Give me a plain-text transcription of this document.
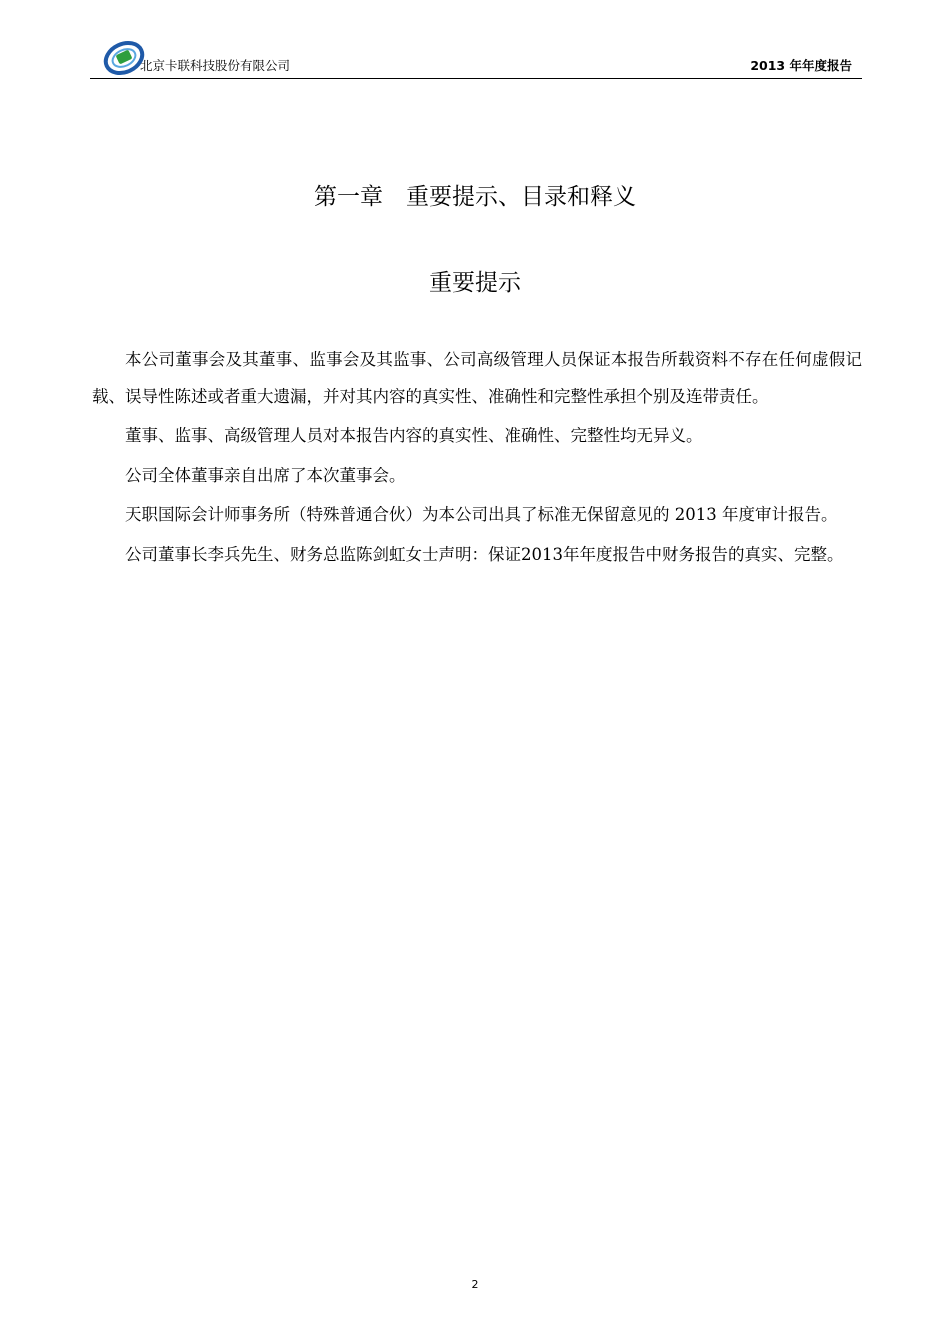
北京卡联科技股份有限公司	2013 年年度报告
第一章　重要提示、目录和释义
重要提示

本公司董事会及其董事、监事会及其监事、公司高级管理人员保证本报告所载资料不存在任何虚假记载、误导性陈述或者重大遗漏，并对其内容的真实性、准确性和完整性承担个别及连带责任。

董事、监事、高级管理人员对本报告内容的真实性、准确性、完整性均无异义。

公司全体董事亲自出席了本次董事会。

天职国际会计师事务所（特殊普通合伙）为本公司出具了标准无保留意见的 2013 年度审计报告。

公司董事长李兵先生、财务总监陈剑虹女士声明：保证2013年年度报告中财务报告的真实、完整。

2
